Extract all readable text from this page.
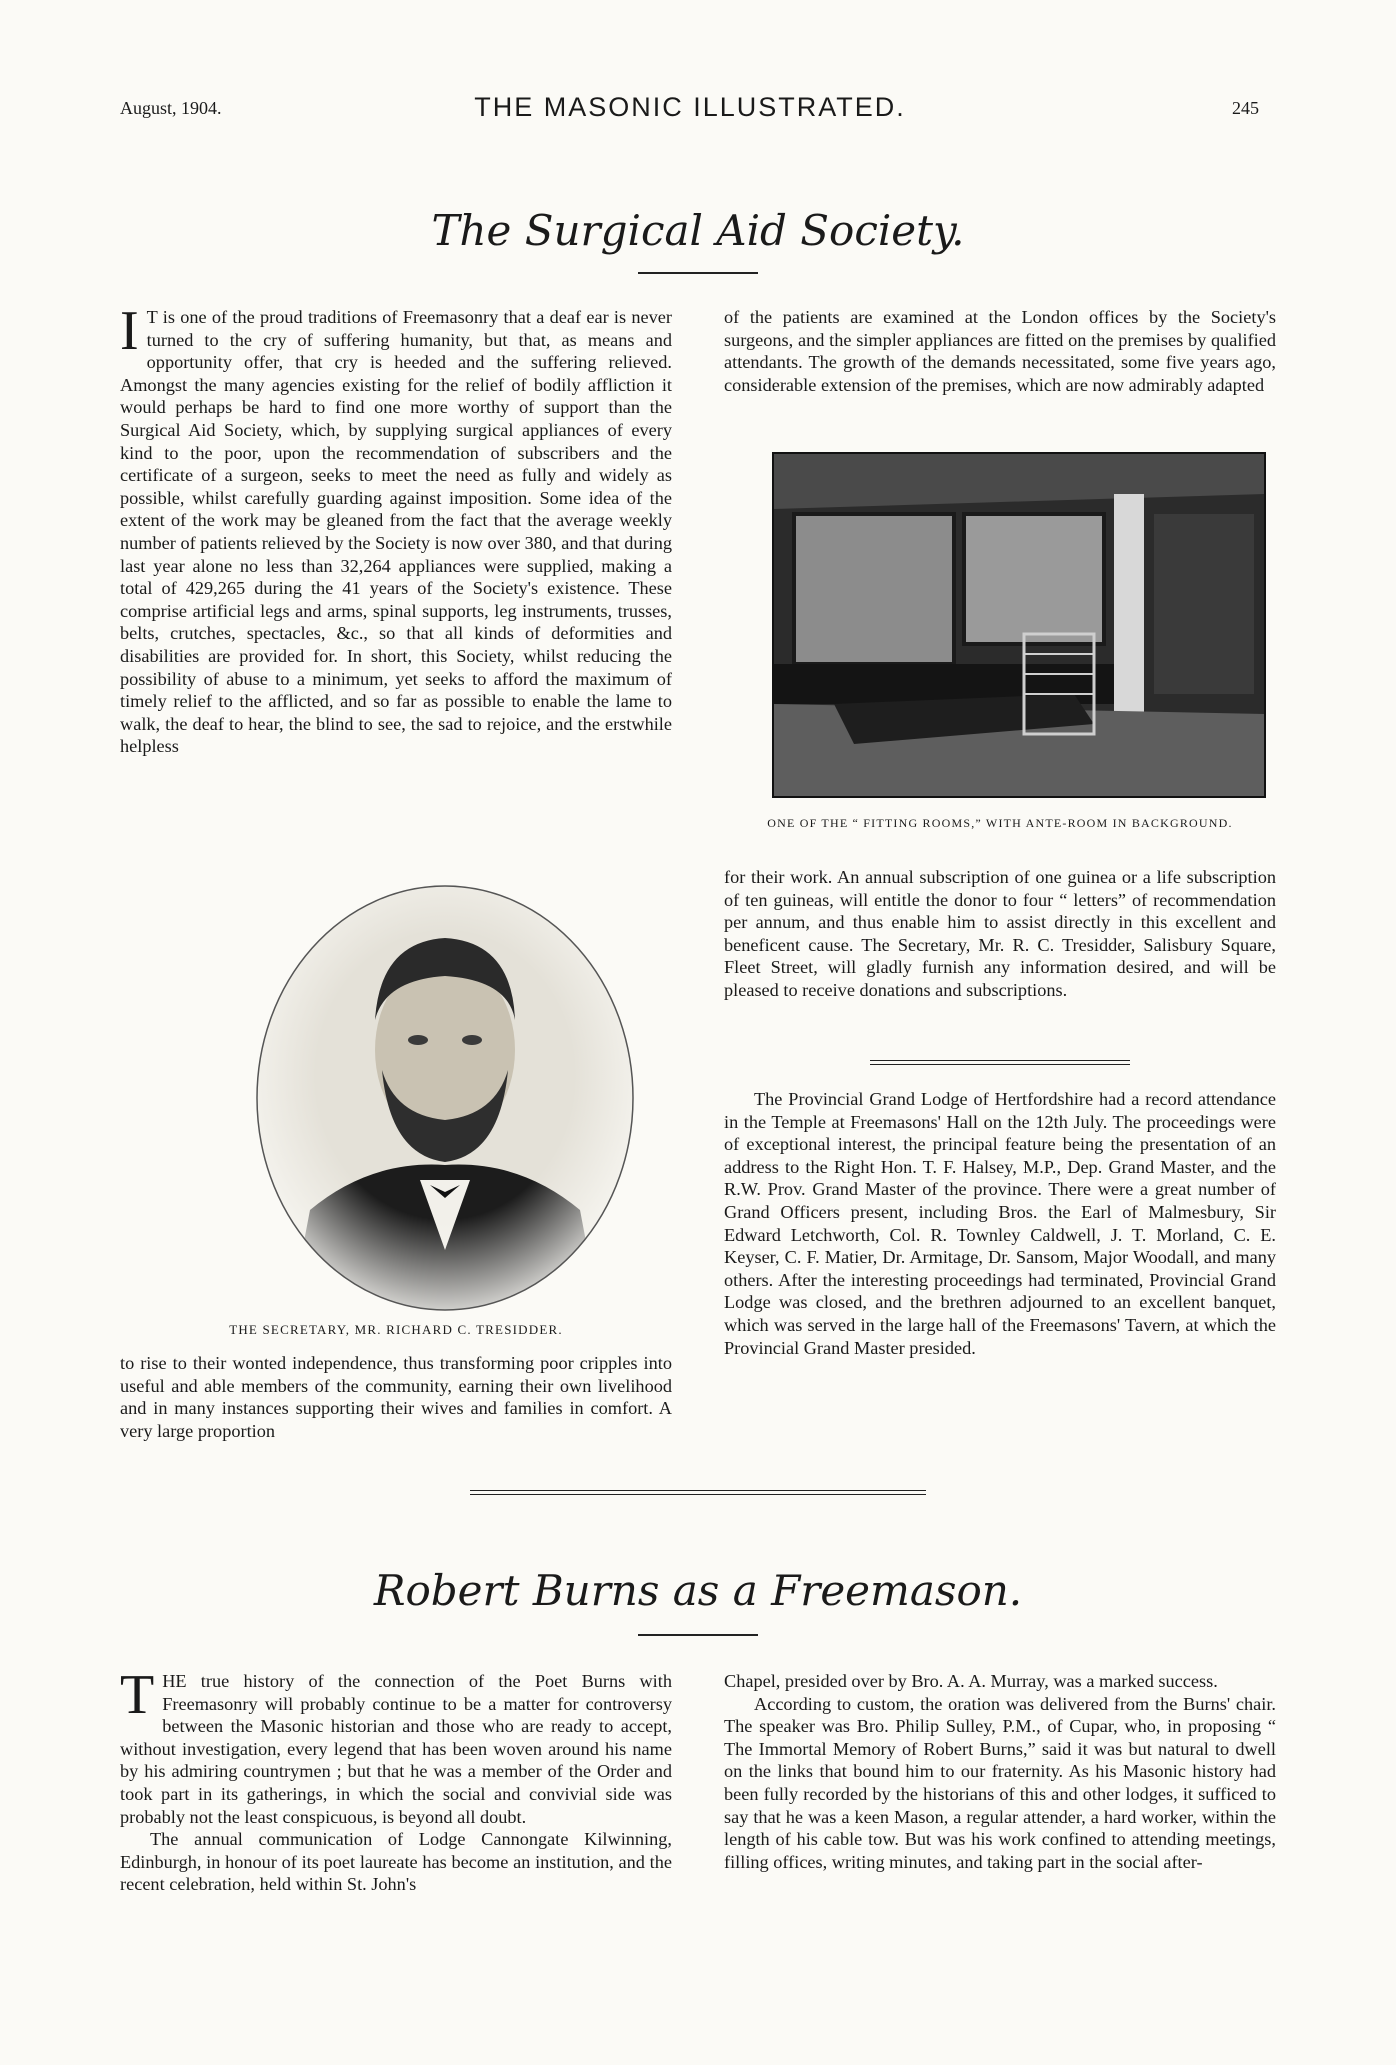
August, 1904.	THE MASONIC ILLUSTRATED.	245
The Surgical Aid Society.

I T is one of the proud traditions of Freemasonry that a deaf ear is never turned to the cry of suffering humanity, but that, as means and opportunity offer, that cry is heeded and the suffering relieved. Amongst the many agencies existing for the relief of bodily affliction it would perhaps be hard to find one more worthy of support than the Surgical Aid Society, which, by supplying surgical appliances of every kind to the poor, upon the recommendation of subscribers and the certificate of a surgeon, seeks to meet the need as fully and widely as possible, whilst carefully guarding against imposition. Some idea of the extent of the work may be gleaned from the fact that the average weekly number of patients relieved by the Society is now over 380, and that during last year alone no less than 32,264 appliances were supplied, making a total of 429,265 during the 41 years of the Society's existence. These comprise artificial legs and arms, spinal supports, leg instruments, trusses, belts, crutches, spectacles, &c., so that all kinds of deformities and disabilities are provided for. In short, this Society, whilst reducing the possibility of abuse to a minimum, yet seeks to afford the maximum of timely relief to the afflicted, and so far as possible to enable the lame to walk, the deaf to hear, the blind to see, the sad to rejoice, and the erstwhile helpless

THE SECRETARY, MR. RICHARD C. TRESIDDER.

to rise to their wonted independence, thus transforming poor cripples into useful and able members of the community, earning their own livelihood and in many instances supporting their wives and families in comfort. A very large proportion

of the patients are examined at the London offices by the Society's surgeons, and the simpler appliances are fitted on the premises by qualified attendants. The growth of the demands necessitated, some five years ago, considerable extension of the premises, which are now admirably adapted

ONE OF THE “ FITTING ROOMS,” WITH ANTE-ROOM IN BACKGROUND.

for their work. An annual subscription of one guinea or a life subscription of ten guineas, will entitle the donor to four “ letters” of recommendation per annum, and thus enable him to assist directly in this excellent and beneficent cause. The Secretary, Mr. R. C. Tresidder, Salisbury Square, Fleet Street, will gladly furnish any information desired, and will be pleased to receive donations and subscriptions.

The Provincial Grand Lodge of Hertfordshire had a record attendance in the Temple at Freemasons' Hall on the 12th July. The proceedings were of exceptional interest, the principal feature being the presentation of an address to the Right Hon. T. F. Halsey, M.P., Dep. Grand Master, and the R.W. Prov. Grand Master of the province. There were a great number of Grand Officers present, including Bros. the Earl of Malmesbury, Sir Edward Letchworth, Col. R. Townley Caldwell, J. T. Morland, C. E. Keyser, C. F. Matier, Dr. Armitage, Dr. Sansom, Major Woodall, and many others. After the interesting proceedings had terminated, Provincial Grand Lodge was closed, and the brethren adjourned to an excellent banquet, which was served in the large hall of the Freemasons' Tavern, at which the Provincial Grand Master presided.

Robert Burns as a Freemason.

THE true history of the connection of the Poet Burns with Freemasonry will probably continue to be a matter for controversy between the Masonic historian and those who are ready to accept, without investigation, every legend that has been woven around his name by his admiring countrymen ; but that he was a member of the Order and took part in its gatherings, in which the social and convivial side was probably not the least conspicuous, is beyond all doubt.

The annual communication of Lodge Cannongate Kilwinning, Edinburgh, in honour of its poet laureate has become an institution, and the recent celebration, held within St. John's

Chapel, presided over by Bro. A. A. Murray, was a marked success.

According to custom, the oration was delivered from the Burns' chair. The speaker was Bro. Philip Sulley, P.M., of Cupar, who, in proposing “ The Immortal Memory of Robert Burns,” said it was but natural to dwell on the links that bound him to our fraternity. As his Masonic history had been fully recorded by the historians of this and other lodges, it sufficed to say that he was a keen Mason, a regular attender, a hard worker, within the length of his cable tow. But was his work confined to attending meetings, filling offices, writing minutes, and taking part in the social after-
